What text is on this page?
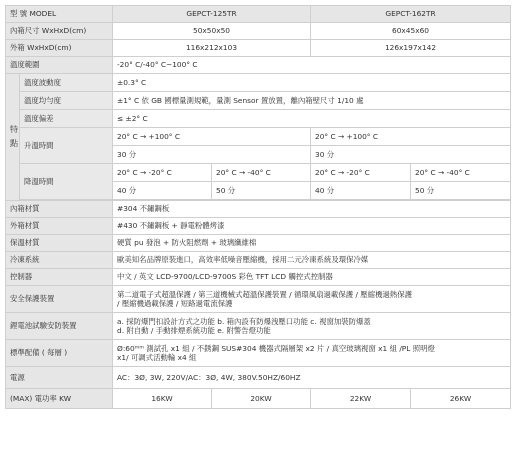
型 號 MODEL		GEPCT-125TR		GEPCT-162TR	
內箱尺寸 WxHxD(cm)		50x50x50		60x45x60	
外箱 WxHxD(cm)		116x212x103		126x197x142	
溫度範圍		-20° C/-40° C~100° C			
特點	溫度波動度	±0.3° C			
	溫度均勻度	±1° C 依 GB 國標量測規範，量測 Sensor 置放置，離內箱壁尺寸 1/10 處			
	溫度偏差	≤ ±2° C			
	升溫時間	20° C → +100° C		20° C → +100° C	
		30 分		30 分	
	降溫時間	20° C → -20° C	20° C → -40° C	20° C → -20° C	20° C → -40° C
		40 分	50 分	40 分	50 分

內箱材質		#304 不鏽鋼板			
外箱材質		#430 不鏽鋼板 + 靜電粉體烤漆			
保溫材質		硬質 pu 發泡 + 防火阻燃劑 + 玻璃纖維棉			
冷凍系統		歐美知名品牌原裝進口，高效率低噪音壓縮機，採用二元冷凍系統及環保冷媒			
控制器		中文 / 英文 LCD-9700/LCD-9700S 彩色 TFT LCD 觸控式控制器			
安全保護裝置		第二道電子式超溫保護 / 第三道機械式超溫保護裝置 / 循環風扇過載保護 / 壓縮機過熱保護
/ 壓縮機過載保護 / 短路過電流保護			

鋰電池試驗安防裝置		a. 採防爆門扣設計方式之功能 b. 箱內設有防爆洩壓口功能 c. 視窗加裝防爆蓋
d. 附自動 / 手動排煙系統功能 e. 附警告燈功能			

標準配備 ( 每層 )		Ø:60ᵐᵐ 測試孔 x1 組 / 不銹鋼 SUS#304 機器式隔層架 x2 片 / 真空玻璃視窗 x1 組 /PL 照明燈
x1/ 可調式活動輪 x4 組			

電源		AC：3Ø, 3W, 220V/AC：3Ø, 4W, 380V.50HZ/60HZ			
(MAX) 電功率 KW		16KW	20KW	22KW	26KW
